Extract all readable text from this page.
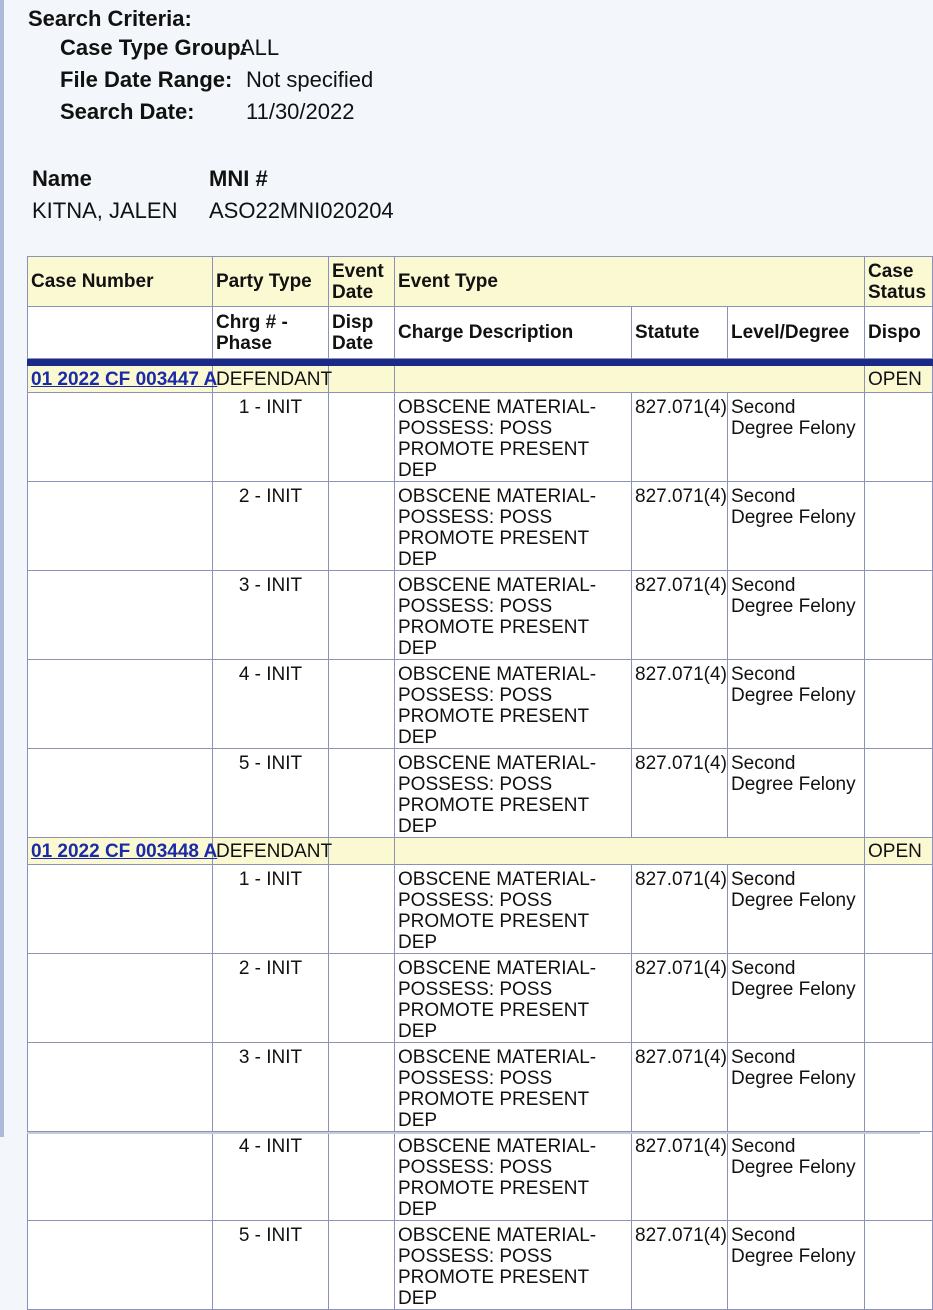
Search Criteria:
Case Type Group:
ALL
File Date Range: Not specified
Search Date: 11/30/2022
Name	MNI #
KITNA, JALEN ASO22MNI020204
Case Number	Party Type	Event Date	Event Type			Case Status
	Chrg # - Phase	Disp Date	Charge Description	Statute	Level/Degree	Dispo

01 2022 CF 003447 A	DEFENDANT					OPEN
	1 - INIT		OBSCENE MATERIAL- POSSESS: POSS PROMOTE PRESENT DEP	827.071(4)	Second Degree Felony	
	2 - INIT		OBSCENE MATERIAL- POSSESS: POSS PROMOTE PRESENT DEP	827.071(4)	Second Degree Felony	
	3 - INIT		OBSCENE MATERIAL- POSSESS: POSS PROMOTE PRESENT DEP	827.071(4)	Second Degree Felony	
	4 - INIT		OBSCENE MATERIAL- POSSESS: POSS PROMOTE PRESENT DEP	827.071(4)	Second Degree Felony	
	5 - INIT		OBSCENE MATERIAL- POSSESS: POSS PROMOTE PRESENT DEP	827.071(4)	Second Degree Felony	
01 2022 CF 003448 A	DEFENDANT					OPEN
	1 - INIT		OBSCENE MATERIAL- POSSESS: POSS PROMOTE PRESENT DEP	827.071(4)	Second Degree Felony	
	2 - INIT		OBSCENE MATERIAL- POSSESS: POSS PROMOTE PRESENT DEP	827.071(4)	Second Degree Felony	
	3 - INIT		OBSCENE MATERIAL- POSSESS: POSS PROMOTE PRESENT DEP	827.071(4)	Second Degree Felony	
	4 - INIT		OBSCENE MATERIAL- POSSESS: POSS PROMOTE PRESENT DEP	827.071(4)	Second Degree Felony	
	5 - INIT		OBSCENE MATERIAL- POSSESS: POSS PROMOTE PRESENT DEP	827.071(4)	Second Degree Felony	
